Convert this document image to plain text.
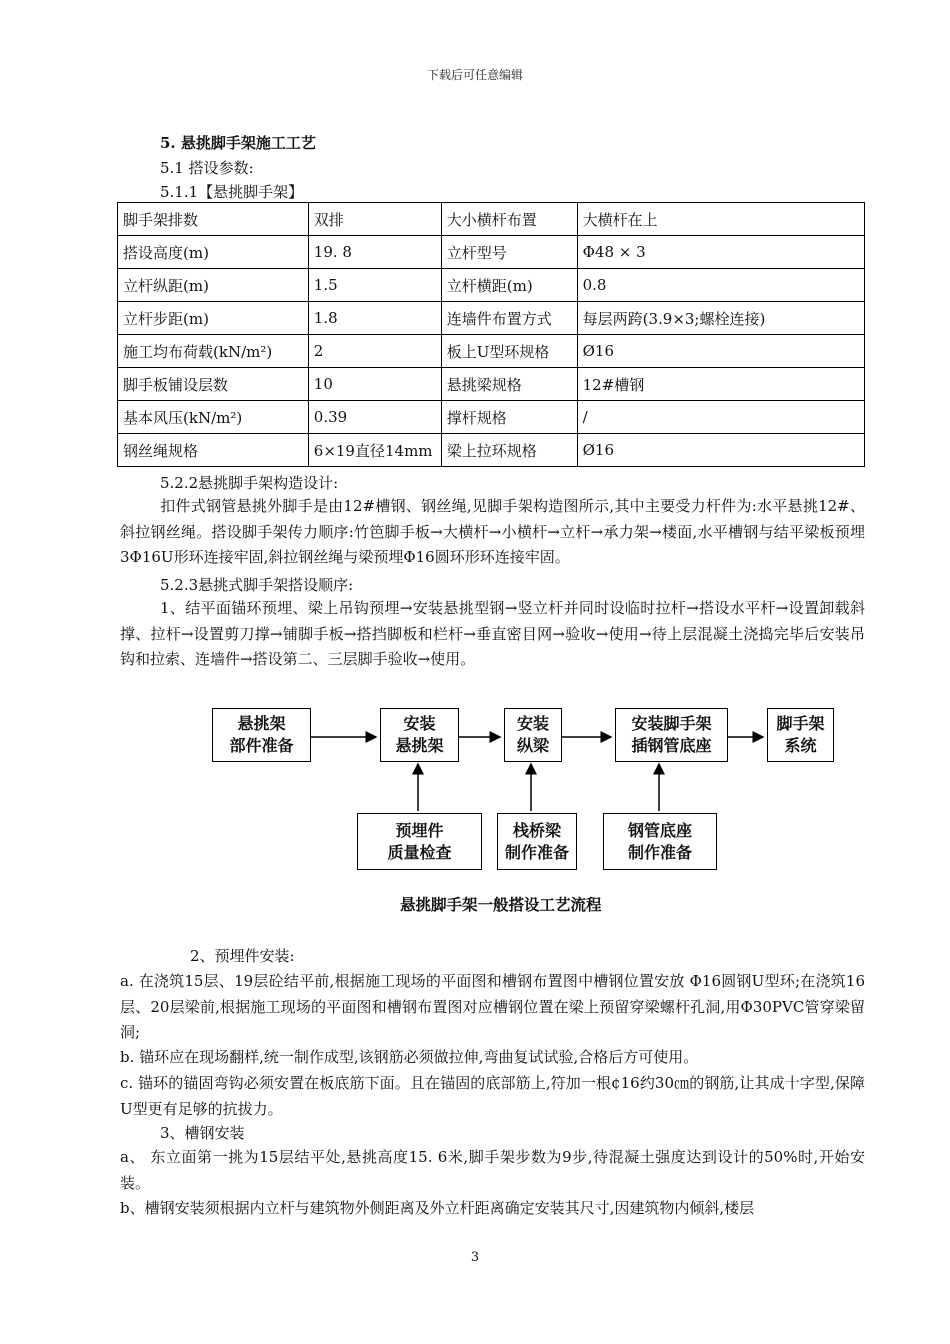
下载后可任意编辑
5. 悬挑脚手架施工工艺
5.1 搭设参数:
5.1.1【悬挑脚手架】
脚手架排数	双排	大小横杆布置	大横杆在上
搭设高度(m)	19. 8	立杆型号	Φ48 × 3
立杆纵距(m)	1.5	立杆横距(m)	0.8
立杆步距(m)	1.8	连墙件布置方式	每层两跨(3.9×3;螺栓连接)
施工均布荷载(kN/m²)	2	板上U型环规格	Ø16
脚手板铺设层数	10	悬挑梁规格	12#槽钢
基本风压(kN/m²)	0.39	撑杆规格	/
钢丝绳规格	6×19直径14mm	梁上拉环规格	Ø16
5.2.2悬挑脚手架构造设计:
扣件式钢管悬挑外脚手是由12#槽钢、钢丝绳,见脚手架构造图所示,其中主要受力杆件为:水平悬挑12#、斜拉钢丝绳。搭设脚手架传力顺序:竹笆脚手板→大横杆→小横杆→立杆→承力架→楼面,水平槽钢与结平梁板预埋3Φ16U形环连接牢固,斜拉钢丝绳与梁预埋Φ16圆环形环连接牢固。
5.2.3悬挑式脚手架搭设顺序:
1、结平面锚环预埋、梁上吊钩预埋→安装悬挑型钢→竖立杆并同时设临时拉杆→搭设水平杆→设置卸载斜撑、拉杆→设置剪刀撑→铺脚手板→搭挡脚板和栏杆→垂直密目网→验收→使用→待上层混凝土浇捣完毕后安装吊钩和拉索、连墙件→搭设第二、三层脚手验收→使用。
悬挑架
部件准备
安装
悬挑架
安装
纵梁
安装脚手架
插钢管底座
脚手架
系统
预埋件
质量检查
栈桥梁
制作准备
钢管底座
制作准备
悬挑脚手架一般搭设工艺流程
2、预埋件安装:
a. 在浇筑15层、19层砼结平前,根据施工现场的平面图和槽钢布置图中槽钢位置安放 Φ16圆钢U型环;在浇筑16层、20层梁前,根据施工现场的平面图和槽钢布置图对应槽钢位置在梁上预留穿梁螺杆孔洞,用Φ30PVC管穿梁留洞;
b. 锚环应在现场翻样,统一制作成型,该钢筋必须做拉伸,弯曲复试试验,合格后方可使用。
c. 锚环的锚固弯钩必须安置在板底筋下面。且在锚固的底部筋上,符加一根¢16约30㎝的钢筋,让其成十字型,保障U型更有足够的抗拔力。
3、槽钢安装
a、 东立面第一挑为15层结平处,悬挑高度15. 6米,脚手架步数为9步,待混凝土强度达到设计的50%时,开始安装。
b、槽钢安装须根据内立杆与建筑物外侧距离及外立杆距离确定安装其尺寸,因建筑物内倾斜,楼层
3
